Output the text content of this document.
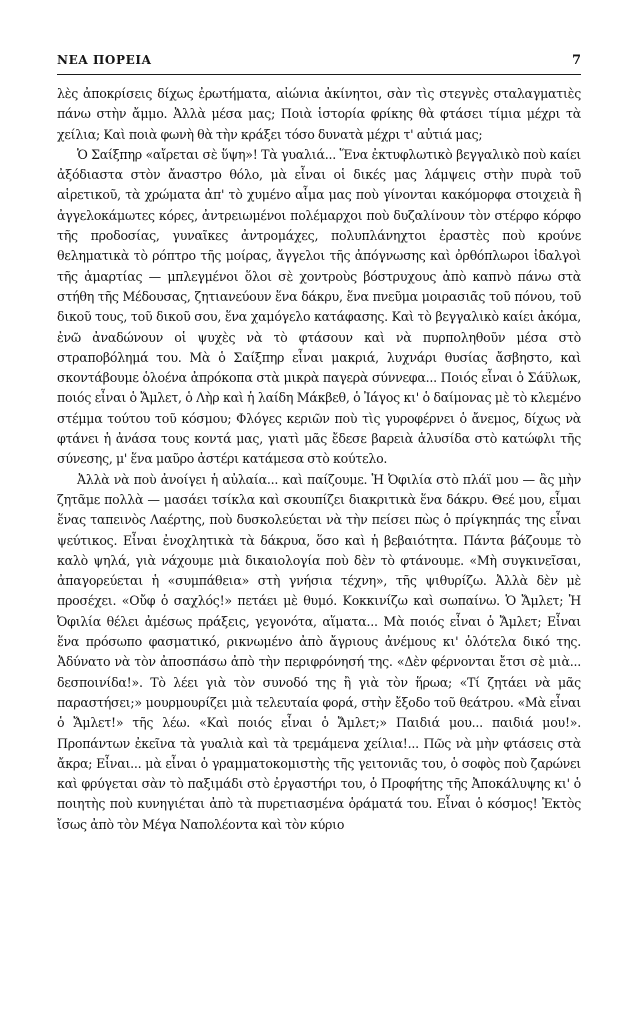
ΝΕΑ ΠΟΡΕΙΑ	7

λὲς ἀποκρίσεις δίχως ἐρωτήματα, αἰώνια ἀκίνητοι, σὰν τὶς στεγνὲς σταλαγματιὲς πάνω στὴν ἄμμο. Ἀλλὰ μέσα μας; Ποιὰ ἱστορία φρίκης θὰ φτάσει τίμια μέχρι τὰ χείλια; Καὶ ποιὰ φωνὴ θὰ τὴν κράξει τόσο δυνατὰ μέχρι τ' αὐτιά μας;

Ὁ Σαίξπηρ «αἴρεται σὲ ὕψη»! Τὰ γυαλιά... Ἕνα ἐκτυφλωτικὸ βεγγαλικὸ ποὺ καίει ἀξόδιαστα στὸν ἄναστρο θόλο, μὰ εἶναι οἱ δικές μας λάμψεις στὴν πυρὰ τοῦ αἱρετικοῦ, τὰ χρώματα ἀπ' τὸ χυμένο αἷμα μας ποὺ γίνονται κακόμορφα στοιχειὰ ἢ ἀγγελοκάμωτες κόρες, ἀντρειωμένοι πολέμαρχοι ποὺ δυζαλίνουν τὸν στέρφο κόρφο τῆς προδοσίας, γυναῖκες ἀντρομάχες, πολυπλάνηχτοι ἐραστὲς ποὺ κρούνε θεληματικὰ τὸ ρόπτρο τῆς μοίρας, ἄγγελοι τῆς ἀπόγνωσης καὶ ὀρθόπλωροι ἰδαλγοὶ τῆς ἁμαρτίας — μπλεγμένοι ὅλοι σὲ χοντροὺς βόστρυχους ἀπὸ καπνὸ πάνω στὰ στήθη τῆς Μέδουσας, ζητιανεύουν ἕνα δάκρυ, ἕνα πνεῦμα μοιρασιᾶς τοῦ πόνου, τοῦ δικοῦ τους, τοῦ δικοῦ σου, ἕνα χαμόγελο κατάφασης. Καὶ τὸ βεγγαλικὸ καίει ἀκόμα, ἐνῶ ἀναδώνουν οἱ ψυχὲς νὰ τὸ φτάσουν καὶ νὰ πυρποληθοῦν μέσα στὸ στραποβόλημά του. Μὰ ὁ Σαίξπηρ εἶναι μακριά, λυχνάρι θυσίας ἄσβηστο, καὶ σκοντάβουμε ὁλοένα ἀπρόκοπα στὰ μικρὰ παγερὰ σύννεφα... Ποιός εἶναι ὁ Σάϋλωκ, ποιός εἶναι ὁ Ἄμλετ, ὁ Λὴρ καὶ ἡ λαίδη Μάκβεθ, ὁ Ἰάγος κι' ὁ δαίμονας μὲ τὸ κλεμένο στέμμα τούτου τοῦ κόσμου; Φλόγες κεριῶν ποὺ τὶς γυροφέρνει ὁ ἄνεμος, δίχως νὰ φτάνει ἡ ἀνάσα τους κοντά μας, γιατὶ μᾶς ἔδεσε βαρειὰ ἁλυσίδα στὸ κατώφλι τῆς σύνεσης, μ' ἕνα μαῦρο ἀστέρι κατάμεσα στὸ κούτελο.

Ἀλλὰ νὰ ποὺ ἀνοίγει ἡ αὐλαία... καὶ παίζουμε. Ἡ Ὀφιλία στὸ πλάϊ μου — ἂς μὴν ζητᾶμε πολλὰ — μασάει τσίκλα καὶ σκουπίζει διακριτικὰ ἕνα δάκρυ. Θεέ μου, εἶμαι ἕνας ταπεινὸς Λαέρτης, ποὺ δυσκολεύεται νὰ τὴν πείσει πὼς ὁ πρίγκηπάς της εἶναι ψεύτικος. Εἶναι ἐνοχλητικὰ τὰ δάκρυα, ὅσο καὶ ἡ βεβαιότητα. Πάντα βάζουμε τὸ καλὸ ψηλά, γιὰ νάχουμε μιὰ δικαιολογία ποὺ δὲν τὸ φτάνουμε. «Μὴ συγκινεῖσαι, ἀπαγορεύεται ἡ «συμπάθεια» στὴ γνήσια τέχνη», τῆς ψιθυρίζω. Ἀλλὰ δὲν μὲ προσέχει. «Οὔφ ὁ σαχλός!» πετάει μὲ θυμό. Κοκκινίζω καὶ σωπαίνω. Ὁ Ἄμλετ; Ἡ Ὀφιλία θέλει ἀμέσως πράξεις, γεγονότα, αἵματα... Μὰ ποιός εἶναι ὁ Ἄμλετ; Εἶναι ἕνα πρόσωπο φασματικό, ρικνωμένο ἀπὸ ἄγριους ἀνέμους κι' ὁλότελα δικό της. Ἀδύνατο νὰ τὸν ἀποσπάσω ἀπὸ τὴν περιφρόνησή της. «Δὲν φέρνονται ἔτσι σὲ μιὰ... δεσποινίδα!». Τὸ λέει γιὰ τὸν συνοδό της ἢ γιὰ τὸν ἥρωα; «Τί ζητάει νὰ μᾶς παραστήσει;» μουρμουρίζει μιὰ τελευταία φορά, στὴν ἔξοδο τοῦ θεάτρου. «Μὰ εἶναι ὁ Ἄμλετ!» τῆς λέω. «Καὶ ποιός εἶναι ὁ Ἄμλετ;» Παιδιά μου... παιδιά μου!». Προπάντων ἐκεῖνα τὰ γυαλιὰ καὶ τὰ τρεμάμενα χείλια!... Πῶς νὰ μὴν φτάσεις στὰ ἄκρα; Εἶναι... μὰ εἶναι ὁ γραμματοκομιστὴς τῆς γειτονιᾶς του, ὁ σοφὸς ποὺ ζαρώνει καὶ φρύγεται σὰν τὸ παξιμάδι στὸ ἐργαστήρι του, ὁ Προφήτης τῆς Ἀποκάλυψης κι' ὁ ποιητὴς ποὺ κυνηγιέται ἀπὸ τὰ πυρετιασμένα ὁράματά του. Εἶναι ὁ κόσμος! Ἐκτὸς ἴσως ἀπὸ τὸν Μέγα Ναπολέοντα καὶ τὸν κύριο
